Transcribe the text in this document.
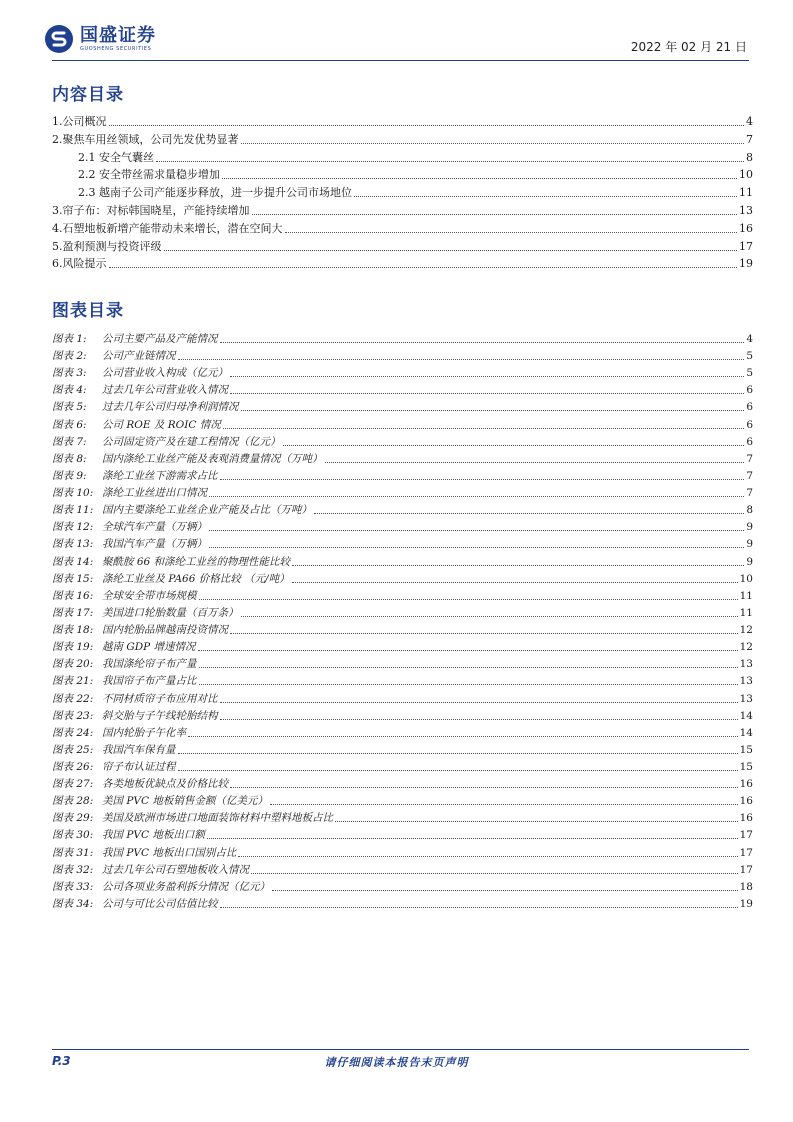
国盛证券
GUOSHENG SECURITIES	2022 年 02 月 21 日
内容目录
1.公司概况	4
2.聚焦车用丝领域，公司先发优势显著	7
2.1 安全气囊丝	8
2.2 安全带丝需求量稳步增加	10
2.3 越南子公司产能逐步释放，进一步提升公司市场地位	11
3.帘子布：对标韩国晓星，产能持续增加	13
4.石塑地板新增产能带动未来增长，潜在空间大	16
5.盈利预测与投资评级	17
6.风险提示	19
图表目录
图表 1:	公司主要产品及产能情况	4
图表 2:	公司产业链情况	5
图表 3:	公司营业收入构成（亿元）	5
图表 4:	过去几年公司营业收入情况	6
图表 5:	过去几年公司归母净利润情况	6
图表 6:	公司 ROE 及 ROIC 情况	6
图表 7:	公司固定资产及在建工程情况（亿元）	6
图表 8:	国内涤纶工业丝产能及表观消费量情况（万吨）	7
图表 9:	涤纶工业丝下游需求占比	7
图表 10: 涤纶工业丝进出口情况	7
图表 11: 国内主要涤纶工业丝企业产能及占比（万吨）	8
图表 12: 全球汽车产量（万辆）	9
图表 13: 我国汽车产量（万辆）	9
图表 14: 聚酰胺 66 和涤纶工业丝的物理性能比较	9
图表 15: 涤纶工业丝及 PA66 价格比较 （元/吨）	10
图表 16: 全球安全带市场规模	11
图表 17: 美国进口轮胎数量（百万条）	11
图表 18: 国内轮胎品牌越南投资情况	12
图表 19: 越南 GDP 增速情况	12
图表 20: 我国涤纶帘子布产量	13
图表 21: 我国帘子布产量占比	13
图表 22: 不同材质帘子布应用对比	13
图表 23: 斜交胎与子午线轮胎结构	14
图表 24: 国内轮胎子午化率	14
图表 25: 我国汽车保有量	15
图表 26: 帘子布认证过程	15
图表 27: 各类地板优缺点及价格比较	16
图表 28: 美国 PVC 地板销售金额（亿美元）	16
图表 29: 美国及欧洲市场进口地面装饰材料中塑料地板占比	16
图表 30: 我国 PVC 地板出口额	17
图表 31: 我国 PVC 地板出口国别占比	17
图表 32: 过去几年公司石塑地板收入情况	17
图表 33: 公司各项业务盈利拆分情况（亿元）	18
图表 34: 公司与可比公司估值比较	19
P.3	请仔细阅读本报告末页声明
